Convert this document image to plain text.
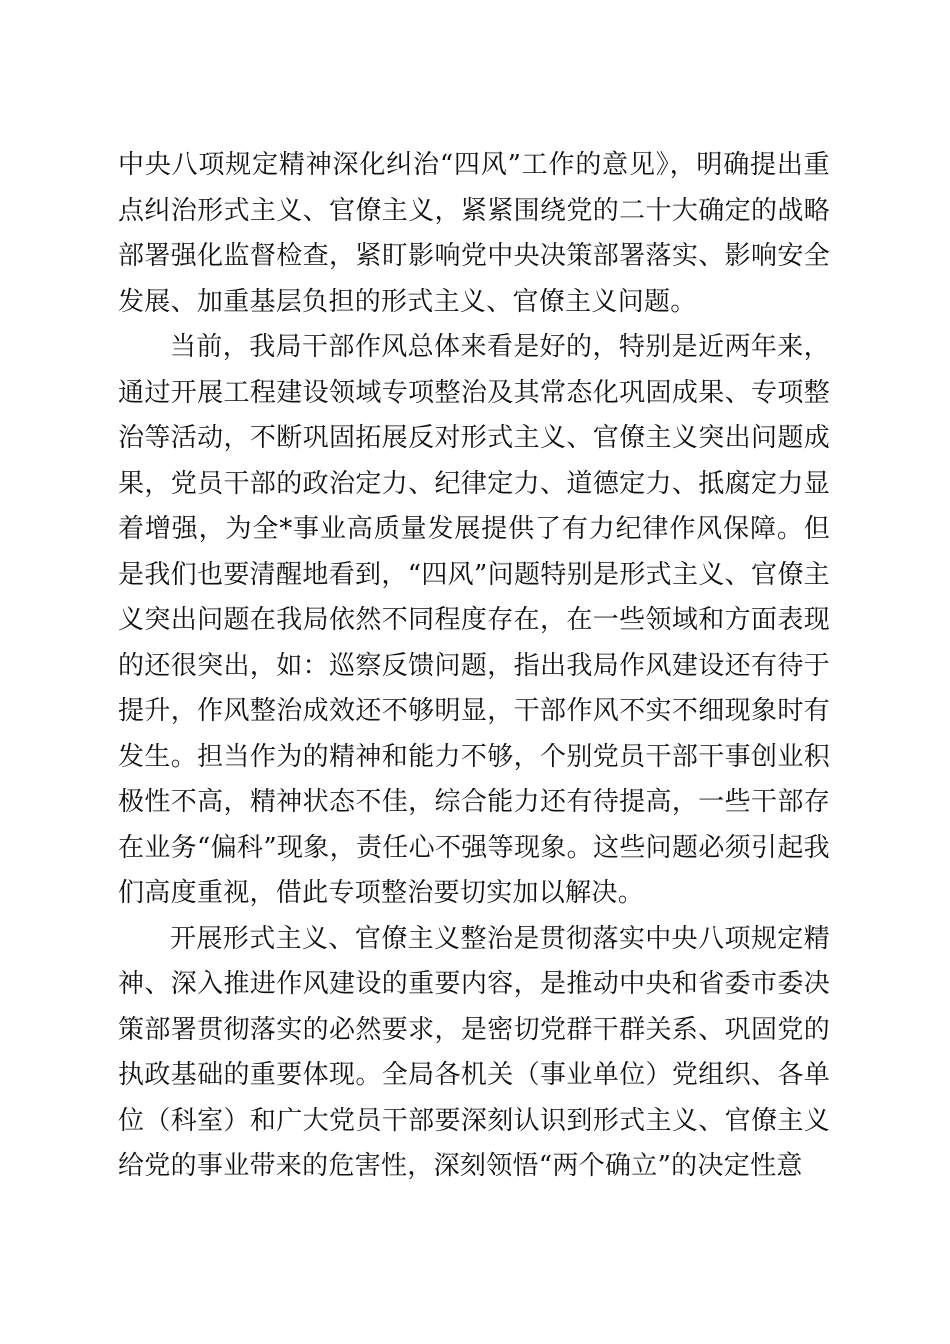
中央八项规定精神深化纠治“四风”工作的意见》，明确提出重点纠治形式主义、官僚主义，紧紧围绕党的二十大确定的战略部署强化监督检查，紧盯影响党中央决策部署落实、影响安全发展、加重基层负担的形式主义、官僚主义问题。

当前，我局干部作风总体来看是好的，特别是近两年来，通过开展工程建设领域专项整治及其常态化巩固成果、专项整治等活动，不断巩固拓展反对形式主义、官僚主义突出问题成果，党员干部的政治定力、纪律定力、道德定力、抵腐定力显着增强，为全*事业高质量发展提供了有力纪律作风保障。但是我们也要清醒地看到，“四风”问题特别是形式主义、官僚主义突出问题在我局依然不同程度存在，在一些领域和方面表现的还很突出，如：巡察反馈问题，指出我局作风建设还有待于提升，作风整治成效还不够明显，干部作风不实不细现象时有发生。担当作为的精神和能力不够，个别党员干部干事创业积极性不高，精神状态不佳，综合能力还有待提高，一些干部存在业务“偏科”现象，责任心不强等现象。这些问题必须引起我们高度重视，借此专项整治要切实加以解决。

开展形式主义、官僚主义整治是贯彻落实中央八项规定精神、深入推进作风建设的重要内容，是推动中央和省委市委决策部署贯彻落实的必然要求，是密切党群干群关系、巩固党的执政基础的重要体现。全局各机关（事业单位）党组织、各单位（科室）和广大党员干部要深刻认识到形式主义、官僚主义给党的事业带来的危害性，深刻领悟“两个确立”的决定性意
